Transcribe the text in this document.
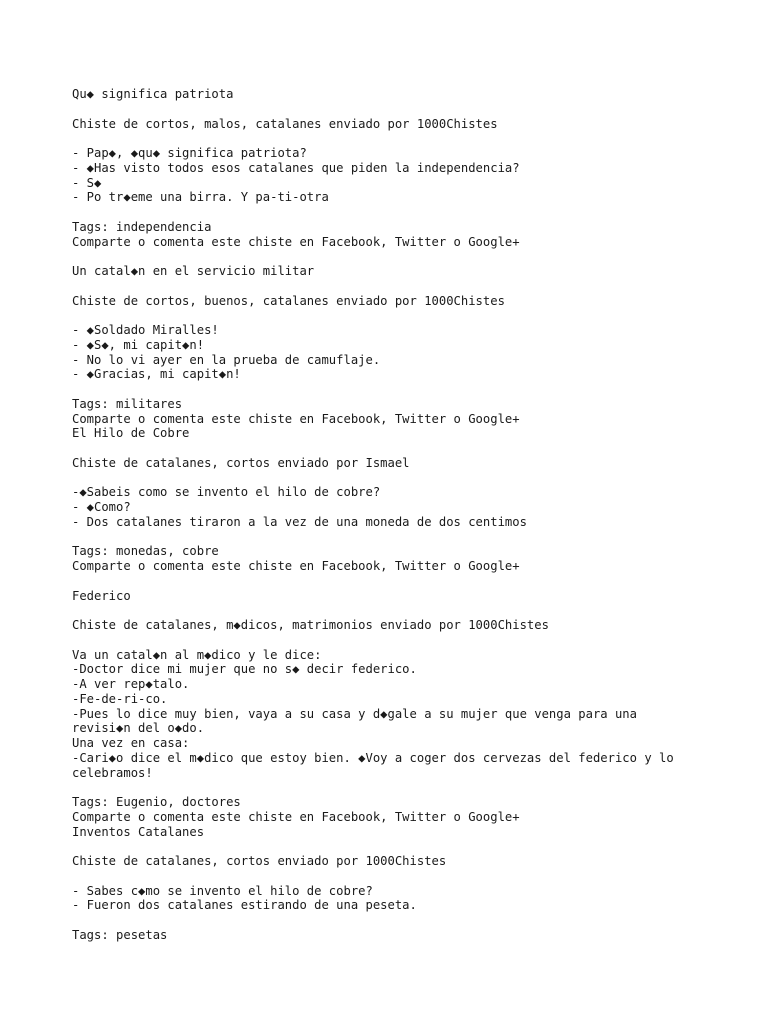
Qu◆ significa patriota
Chiste de cortos, malos, catalanes enviado por 1000Chistes
- Pap◆, ◆qu◆ significa patriota?
- ◆Has visto todos esos catalanes que piden la independencia?
- S◆
- Po tr◆eme una birra. Y pa-ti-otra
Tags: independencia
Comparte o comenta este chiste en Facebook, Twitter o Google+
Un catal◆n en el servicio militar
Chiste de cortos, buenos, catalanes enviado por 1000Chistes
- ◆Soldado Miralles!
- ◆S◆, mi capit◆n!
- No lo vi ayer en la prueba de camuflaje.
- ◆Gracias, mi capit◆n!
Tags: militares
Comparte o comenta este chiste en Facebook, Twitter o Google+
El Hilo de Cobre
Chiste de catalanes, cortos enviado por Ismael
-◆Sabeis como se invento el hilo de cobre?
- ◆Como?
- Dos catalanes tiraron a la vez de una moneda de dos centimos
Tags: monedas, cobre
Comparte o comenta este chiste en Facebook, Twitter o Google+
Federico
Chiste de catalanes, m◆dicos, matrimonios enviado por 1000Chistes
Va un catal◆n al m◆dico y le dice:
-Doctor dice mi mujer que no s◆ decir federico.
-A ver rep◆talo.
-Fe-de-ri-co.
-Pues lo dice muy bien, vaya a su casa y d◆gale a su mujer que venga para una
revisi◆n del o◆do.
Una vez en casa:
-Cari◆o dice el m◆dico que estoy bien. ◆Voy a coger dos cervezas del federico y lo
celebramos!
Tags: Eugenio, doctores
Comparte o comenta este chiste en Facebook, Twitter o Google+
Inventos Catalanes
Chiste de catalanes, cortos enviado por 1000Chistes
- Sabes c◆mo se invento el hilo de cobre?
- Fueron dos catalanes estirando de una peseta.
Tags: pesetas
